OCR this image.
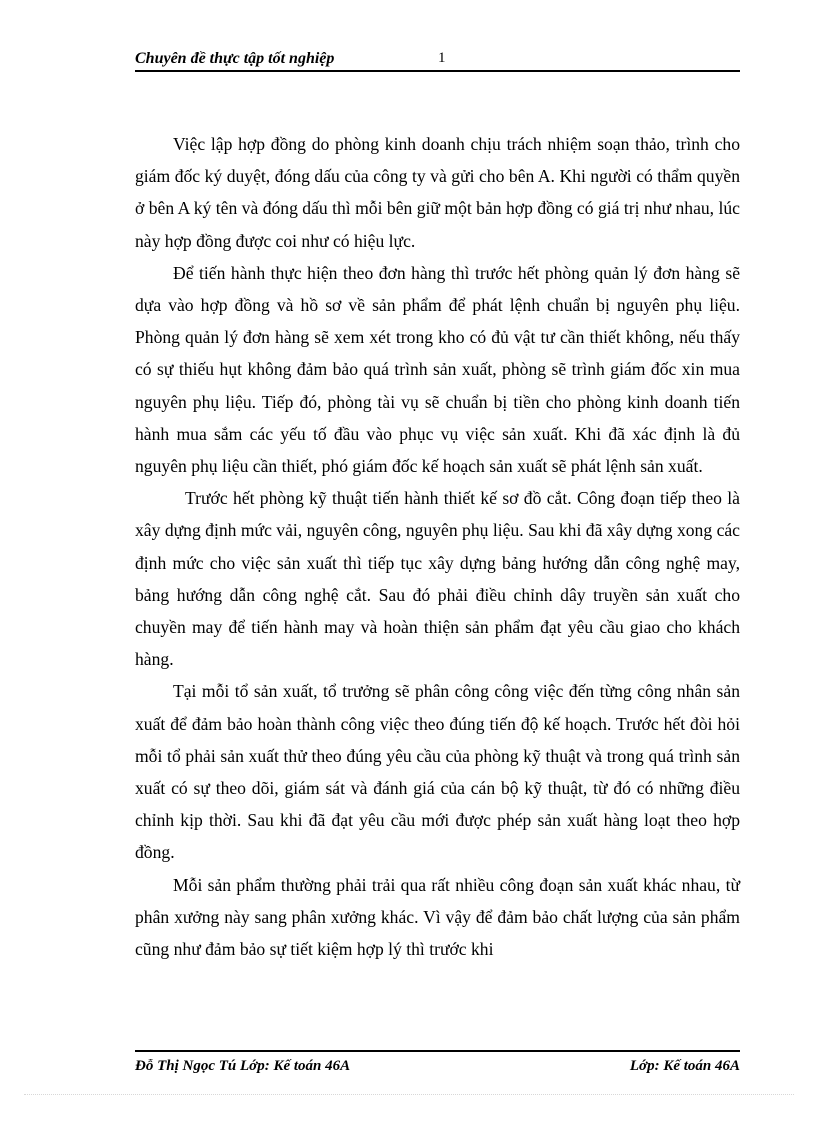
Chuyên đề thực tập tốt nghiệp	1

Việc lập hợp đồng do phòng kinh doanh chịu trách nhiệm soạn thảo, trình cho giám đốc ký duyệt, đóng dấu của công ty và gửi cho bên A. Khi người có thẩm quyền ở bên A ký tên và đóng dấu thì mỗi bên giữ một bản hợp đồng có giá trị như nhau, lúc này hợp đồng được coi như có hiệu lực.

Để tiến hành thực hiện theo đơn hàng thì trước hết phòng quản lý đơn hàng sẽ dựa vào hợp đồng và hồ sơ về sản phẩm để phát lệnh chuẩn bị nguyên phụ liệu. Phòng quản lý đơn hàng sẽ xem xét trong kho có đủ vật tư cần thiết không, nếu thấy có sự thiếu hụt không đảm bảo quá trình sản xuất, phòng sẽ trình giám đốc xin mua nguyên phụ liệu. Tiếp đó, phòng tài vụ sẽ chuẩn bị tiền cho phòng kinh doanh tiến hành mua sắm các yếu tố đầu vào phục vụ việc sản xuất. Khi đã xác định là đủ nguyên phụ liệu cần thiết, phó giám đốc kế hoạch sản xuất sẽ phát lệnh sản xuất.

Trước hết phòng kỹ thuật tiến hành thiết kế sơ đồ cắt. Công đoạn tiếp theo là xây dựng định mức vải, nguyên công, nguyên phụ liệu. Sau khi đã xây dựng xong các định mức cho việc sản xuất thì tiếp tục xây dựng bảng hướng dẫn công nghệ may, bảng hướng dẫn công nghệ cắt. Sau đó phải điều chỉnh dây truyền sản xuất cho chuyền may để tiến hành may và hoàn thiện sản phẩm đạt yêu cầu giao cho khách hàng.

Tại mỗi tổ sản xuất, tổ trưởng sẽ phân công công việc đến từng công nhân sản xuất để đảm bảo hoàn thành công việc theo đúng tiến độ kế hoạch. Trước hết đòi hỏi mỗi tổ phải sản xuất thử theo đúng yêu cầu của phòng kỹ thuật và trong quá trình sản xuất có sự theo dõi, giám sát và đánh giá của cán bộ kỹ thuật, từ đó có những điều chỉnh kịp thời. Sau khi đã đạt yêu cầu mới được phép sản xuất hàng loạt theo hợp đồng.

Mỗi sản phẩm thường phải trải qua rất nhiều công đoạn sản xuất khác nhau, từ phân xưởng này sang phân xưởng khác. Vì vậy để đảm bảo chất lượng của sản phẩm cũng như đảm bảo sự tiết kiệm hợp lý thì trước khi

Đỗ Thị Ngọc Tú Lớp: Kế toán 46A	Lớp: Kế toán 46A
